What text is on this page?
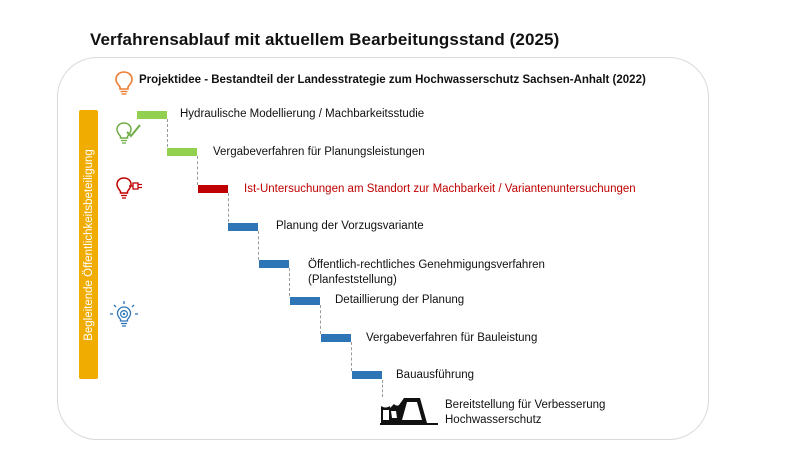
Verfahrensablauf mit aktuellem Bearbeitungsstand (2025)
Projektidee - Bestandteil der Landesstrategie zum Hochwasserschutz Sachsen-Anhalt (2022)
Begleitende Öffentlichkeitsbeteiligung
Hydraulische Modellierung / Machbarkeitsstudie
Vergabeverfahren für Planungsleistungen
Ist-Untersuchungen am Standort zur Machbarkeit / Variantenuntersuchungen
Planung der Vorzugsvariante
Öffentlich-rechtliches Genehmigungsverfahren
(Planfeststellung)
Detaillierung der Planung
Vergabeverfahren für Bauleistung
Bauausführung
Bereitstellung für Verbesserung
Hochwasserschutz
